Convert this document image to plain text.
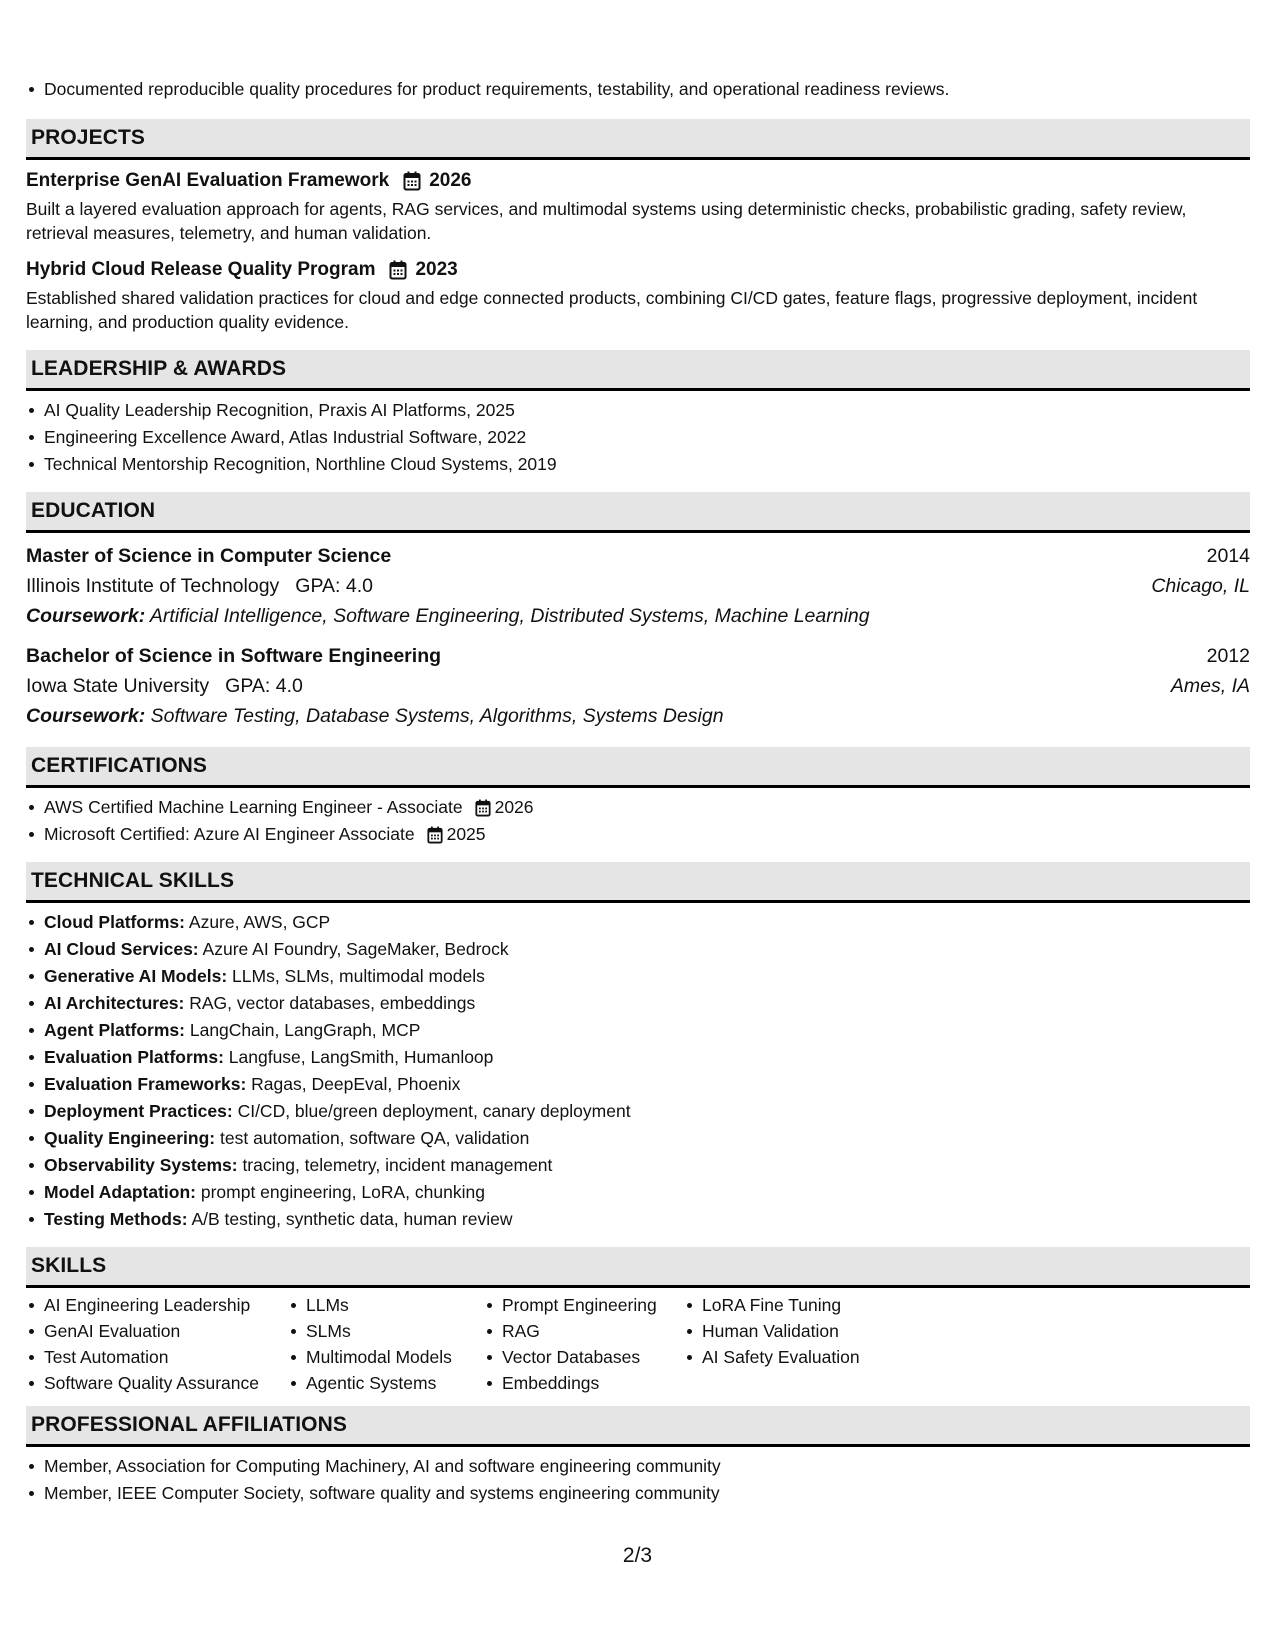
Documented reproducible quality procedures for product requirements, testability, and operational readiness reviews.
PROJECTS
Enterprise GenAI Evaluation Framework 2026
Built a layered evaluation approach for agents, RAG services, and multimodal systems using deterministic checks, probabilistic grading, safety review, retrieval measures, telemetry, and human validation.
Hybrid Cloud Release Quality Program 2023
Established shared validation practices for cloud and edge connected products, combining CI/CD gates, feature flags, progressive deployment, incident learning, and production quality evidence.
LEADERSHIP & AWARDS
AI Quality Leadership Recognition, Praxis AI Platforms, 2025
Engineering Excellence Award, Atlas Industrial Software, 2022
Technical Mentorship Recognition, Northline Cloud Systems, 2019
EDUCATION
Master of Science in Computer Science	2014
Illinois Institute of Technology GPA: 4.0	Chicago, IL
Coursework: Artificial Intelligence, Software Engineering, Distributed Systems, Machine Learning
Bachelor of Science in Software Engineering	2012
Iowa State University GPA: 4.0	Ames, IA
Coursework: Software Testing, Database Systems, Algorithms, Systems Design
CERTIFICATIONS
AWS Certified Machine Learning Engineer - Associate 2026
Microsoft Certified: Azure AI Engineer Associate 2025
TECHNICAL SKILLS
Cloud Platforms: Azure, AWS, GCP
AI Cloud Services: Azure AI Foundry, SageMaker, Bedrock
Generative AI Models: LLMs, SLMs, multimodal models
AI Architectures: RAG, vector databases, embeddings
Agent Platforms: LangChain, LangGraph, MCP
Evaluation Platforms: Langfuse, LangSmith, Humanloop
Evaluation Frameworks: Ragas, DeepEval, Phoenix
Deployment Practices: CI/CD, blue/green deployment, canary deployment
Quality Engineering: test automation, software QA, validation
Observability Systems: tracing, telemetry, incident management
Model Adaptation: prompt engineering, LoRA, chunking
Testing Methods: A/B testing, synthetic data, human review
SKILLS
AI Engineering Leadership
GenAI Evaluation
Test Automation
Software Quality Assurance
LLMs
SLMs
Multimodal Models
Agentic Systems
Prompt Engineering
RAG
Vector Databases
Embeddings
LoRA Fine Tuning
Human Validation
AI Safety Evaluation
PROFESSIONAL AFFILIATIONS
Member, Association for Computing Machinery, AI and software engineering community
Member, IEEE Computer Society, software quality and systems engineering community
2/3
